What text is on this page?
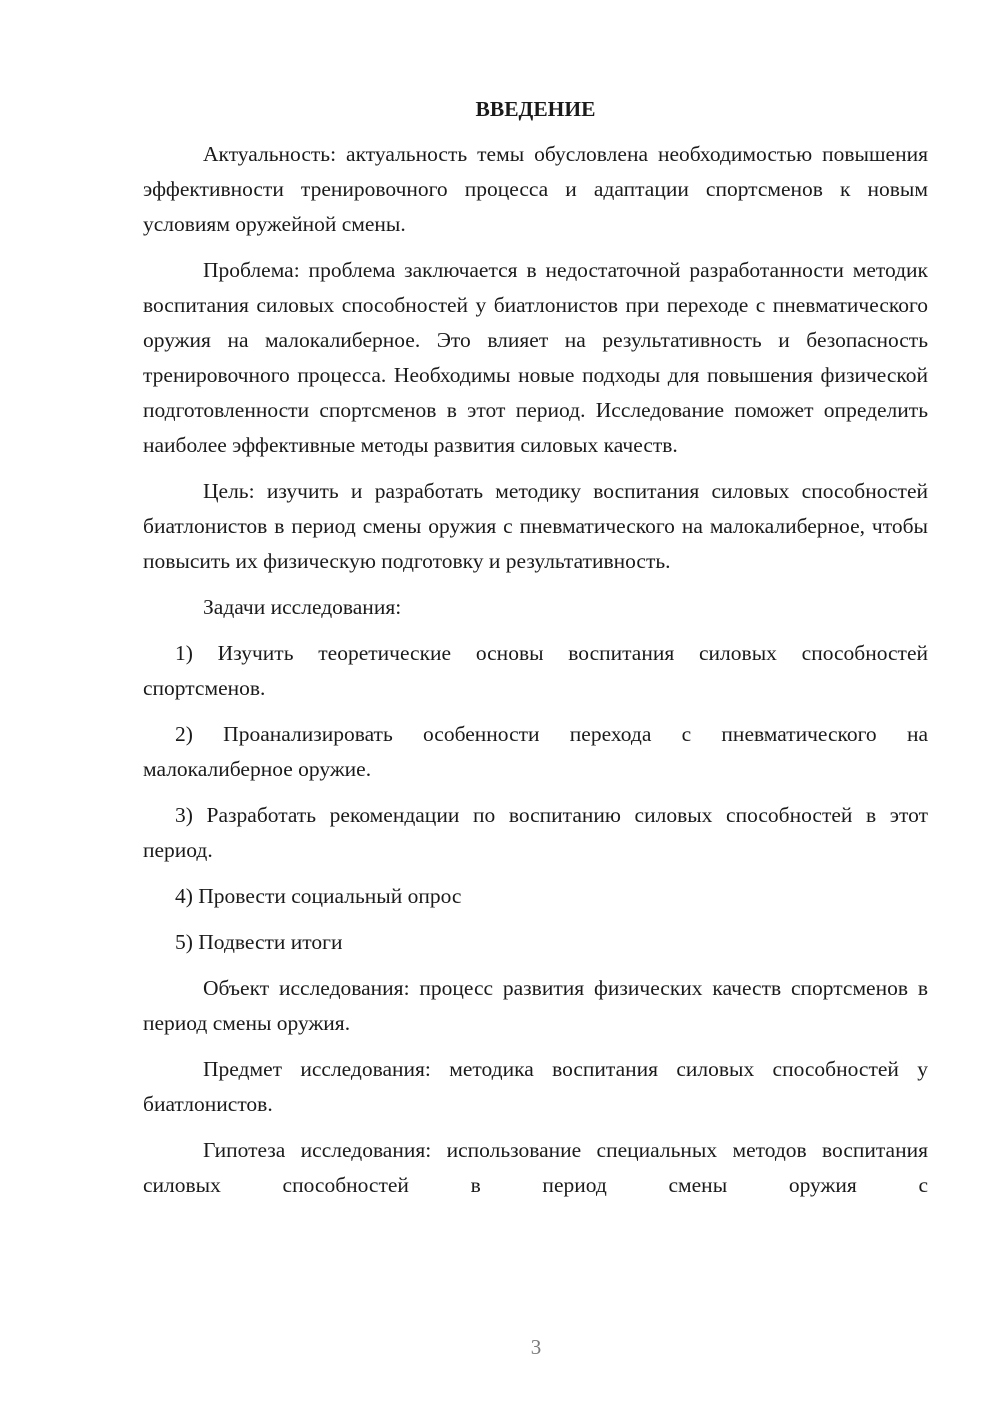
ВВЕДЕНИЕ

Актуальность: актуальность темы обусловлена необходимостью повышения эффективности тренировочного процесса и адаптации спортсменов к новым условиям оружейной смены.

Проблема: проблема заключается в недостаточной разработанности методик воспитания силовых способностей у биатлонистов при переходе с пневматического оружия на малокалиберное. Это влияет на результативность и безопасность тренировочного процесса. Необходимы новые подходы для повышения физической подготовленности спортсменов в этот период. Исследование поможет определить наиболее эффективные методы развития силовых качеств.

Цель: изучить и разработать методику воспитания силовых способностей биатлонистов в период смены оружия с пневматического на малокалиберное, чтобы повысить их физическую подготовку и результативность.

Задачи исследования:

1) Изучить теоретические основы воспитания силовых способностей спортсменов.

2) Проанализировать особенности перехода с пневматического на малокалиберное оружие.

3) Разработать рекомендации по воспитанию силовых способностей в этот период.

4) Провести социальный опрос

5) Подвести итоги

Объект исследования: процесс развития физических качеств спортсменов в период смены оружия.

Предмет исследования: методика воспитания силовых способностей у биатлонистов.

Гипотеза исследования: использование специальных методов воспитания силовых способностей в период смены оружия с

3
